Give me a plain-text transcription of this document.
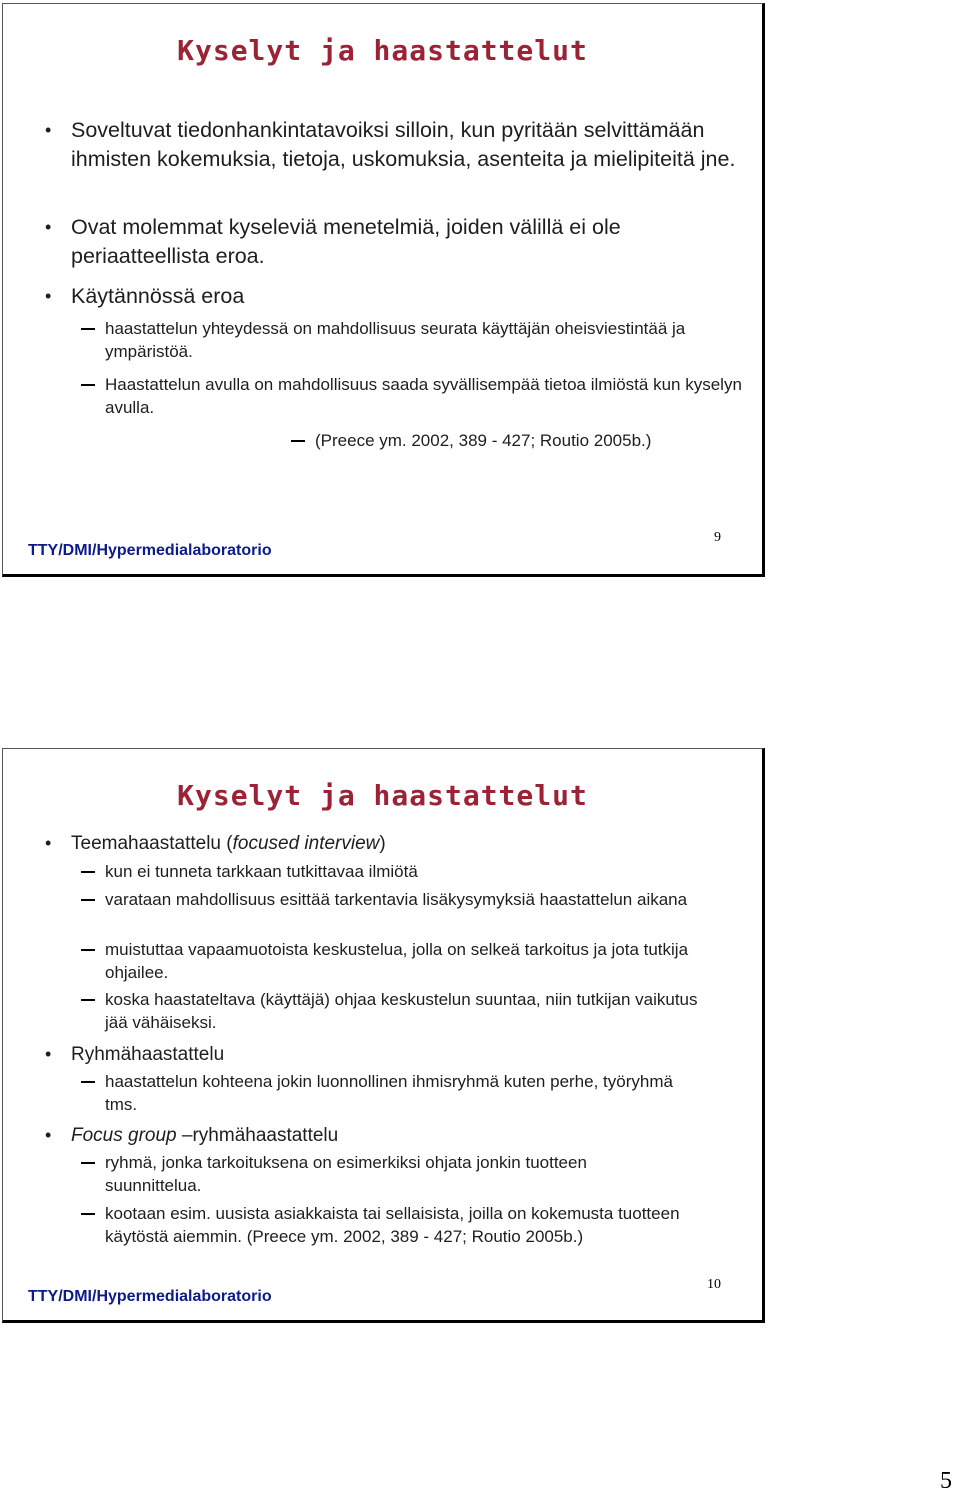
Kyselyt ja haastattelut
• Soveltuvat tiedonhankintatavoiksi silloin, kun pyritään selvittämään ihmisten kokemuksia, tietoja, uskomuksia, asenteita ja mielipiteitä jne.
• Ovat molemmat kyseleviä menetelmiä, joiden välillä ei ole periaatteellista eroa.
• Käytännössä eroa
haastattelun yhteydessä on mahdollisuus seurata käyttäjän oheisviestintää ja ympäristöä.
Haastattelun avulla on mahdollisuus saada syvällisempää tietoa ilmiöstä kun kyselyn avulla.
(Preece ym. 2002, 389 - 427; Routio 2005b.)
TTY/DMI/Hypermedialaboratorio
9
Kyselyt ja haastattelut
• Teemahaastattelu (focused interview)
kun ei tunneta tarkkaan tutkittavaa ilmiötä
varataan mahdollisuus esittää tarkentavia lisäkysymyksiä haastattelun aikana
muistuttaa vapaamuotoista keskustelua, jolla on selkeä tarkoitus ja jota tutkija ohjailee.
koska haastateltava (käyttäjä) ohjaa keskustelun suuntaa, niin tutkijan vaikutus jää vähäiseksi.
• Ryhmähaastattelu
haastattelun kohteena jokin luonnollinen ihmisryhmä kuten perhe, työryhmä tms.
• Focus group –ryhmähaastattelu
ryhmä, jonka tarkoituksena on esimerkiksi ohjata jonkin tuotteen suunnittelua.
kootaan esim. uusista asiakkaista tai sellaisista, joilla on kokemusta tuotteen käytöstä aiemmin. (Preece ym. 2002, 389 - 427; Routio 2005b.)
TTY/DMI/Hypermedialaboratorio
10
5
